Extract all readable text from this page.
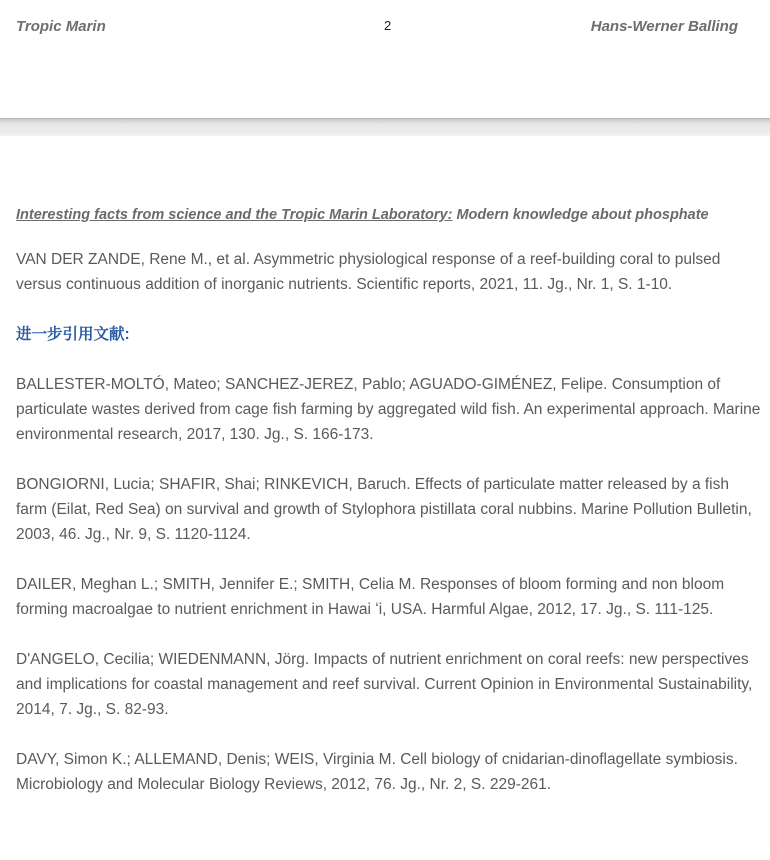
Tropic Marin	2	Hans-Werner Balling
Interesting facts from science and the Tropic Marin Laboratory: Modern knowledge about phosphate
VAN DER ZANDE, Rene M., et al. Asymmetric physiological response of a reef-building coral to pulsed versus continuous addition of inorganic nutrients. Scientific reports, 2021, 11. Jg., Nr. 1, S. 1-10.
进一步引用文献:
BALLESTER-MOLTÓ, Mateo; SANCHEZ-JEREZ, Pablo; AGUADO-GIMÉNEZ, Felipe. Consumption of particulate wastes derived from cage fish farming by aggregated wild fish. An experimental approach. Marine environmental research, 2017, 130. Jg., S. 166-173.
BONGIORNI, Lucia; SHAFIR, Shai; RINKEVICH, Baruch. Effects of particulate matter released by a fish farm (Eilat, Red Sea) on survival and growth of Stylophora pistillata coral nubbins. Marine Pollution Bulletin, 2003, 46. Jg., Nr. 9, S. 1120-1124.
DAILER, Meghan L.; SMITH, Jennifer E.; SMITH, Celia M. Responses of bloom forming and non bloom forming macroalgae to nutrient enrichment in Hawai ʻi, USA. Harmful Algae, 2012, 17. Jg., S. 111-125.
D'ANGELO, Cecilia; WIEDENMANN, Jörg. Impacts of nutrient enrichment on coral reefs: new perspectives and implications for coastal management and reef survival. Current Opinion in Environmental Sustainability, 2014, 7. Jg., S. 82-93.
DAVY, Simon K.; ALLEMAND, Denis; WEIS, Virginia M. Cell biology of cnidarian-dinoflagellate symbiosis. Microbiology and Molecular Biology Reviews, 2012, 76. Jg., Nr. 2, S. 229-261.
